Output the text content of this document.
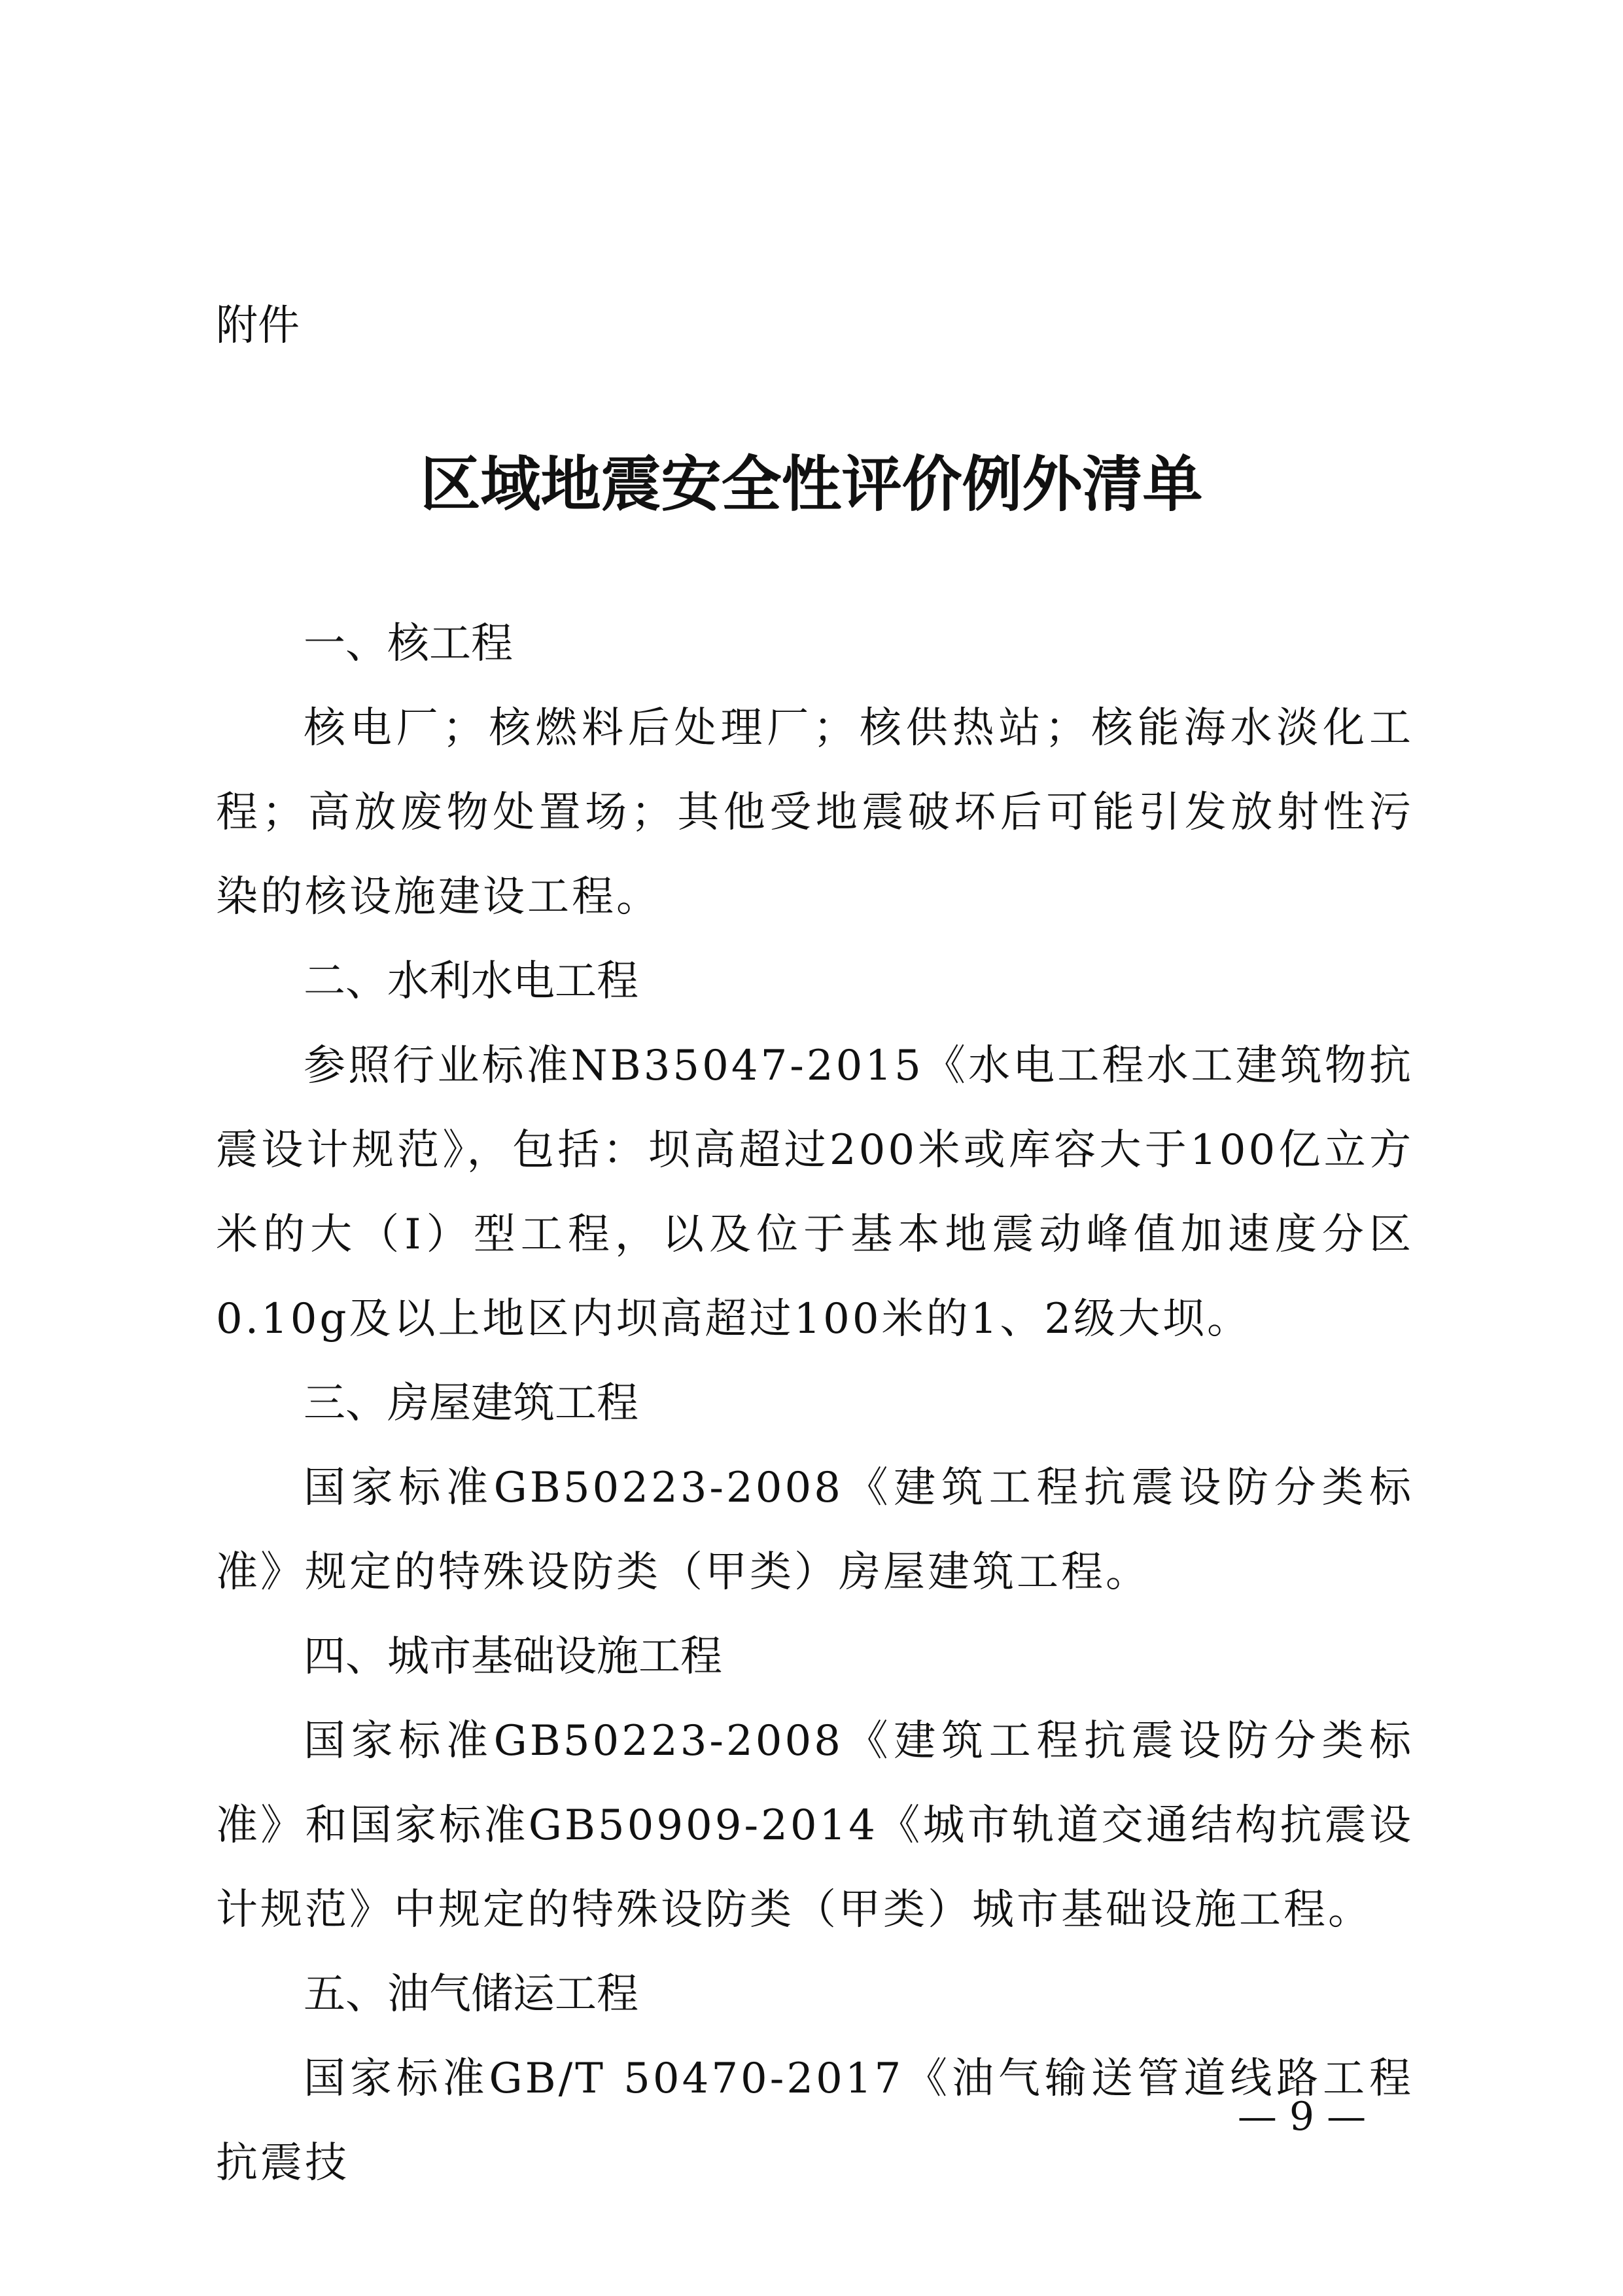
附件
区域地震安全性评价例外清单
一、核工程
核电厂；核燃料后处理厂；核供热站；核能海水淡化工程；高放废物处置场；其他受地震破坏后可能引发放射性污染的核设施建设工程。
二、水利水电工程
参照行业标准NB35047-2015《水电工程水工建筑物抗震设计规范》，包括：坝高超过200米或库容大于100亿立方米的大（Ⅰ）型工程，以及位于基本地震动峰值加速度分区0.10g及以上地区内坝高超过100米的1、2级大坝。
三、房屋建筑工程
国家标准GB50223-2008《建筑工程抗震设防分类标准》规定的特殊设防类（甲类）房屋建筑工程。
四、城市基础设施工程
国家标准GB50223-2008《建筑工程抗震设防分类标准》和国家标准GB50909-2014《城市轨道交通结构抗震设计规范》中规定的特殊设防类（甲类）城市基础设施工程。
五、油气储运工程
国家标准GB/T 50470-2017《油气输送管道线路工程抗震技
— 9 —
